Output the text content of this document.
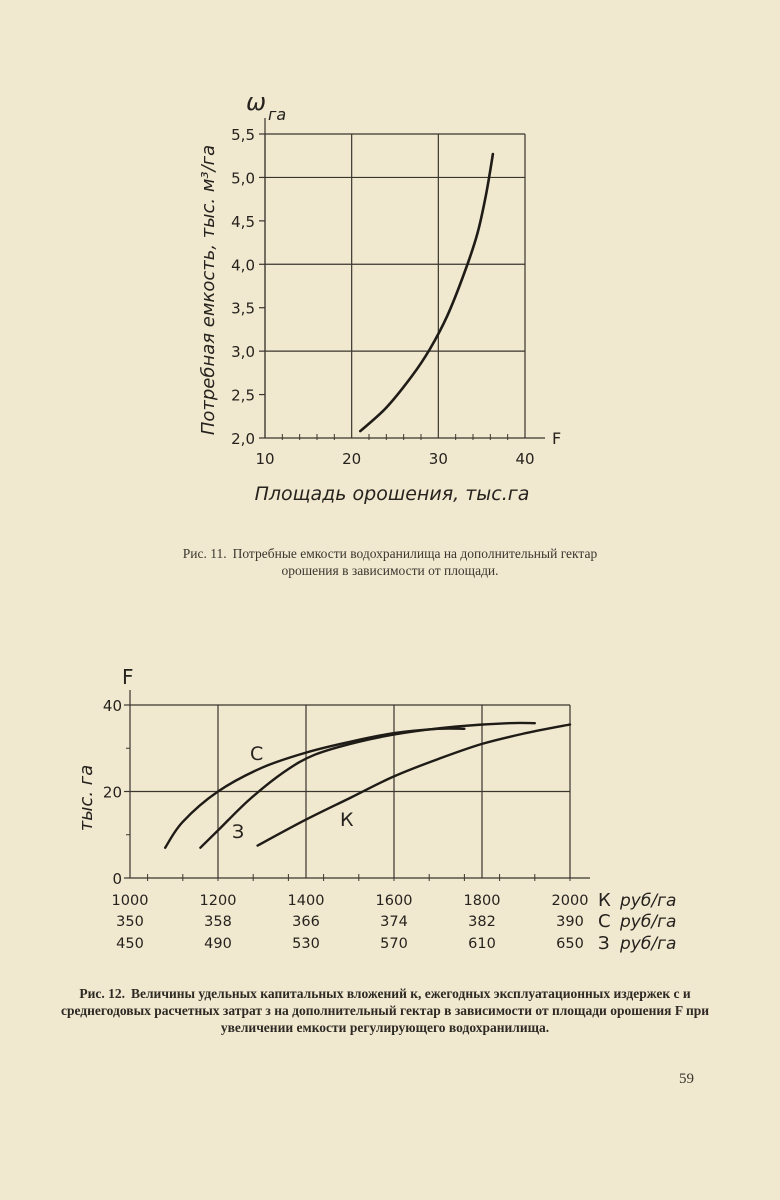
2,0
2,5
3,0
3,5
4,0
4,5
5,0
5,5
10	20	30	40
ω га
F
Площадь орошения, тыс.га
Потребная емкость, тыс. м³/га
0
20
40
F
тыс. га
1000	1200	1400	1600	1800	2000 К руб/га
350	358	366	374	382	390 С руб/га
450	490	530	570	610	650 З руб/га
С
З
К
Рис. 11. Потребные емкости водохранилища на дополнительный гектар орошения в зависимости от площади.
Рис. 12. Величины удельных капитальных вложений к, ежегодных эксплуатационных издержек с и среднегодовых расчетных затрат з на дополнительный гектар в зависимости от площади орошения F при увеличении емкости регулирующего водохранилища.
59
